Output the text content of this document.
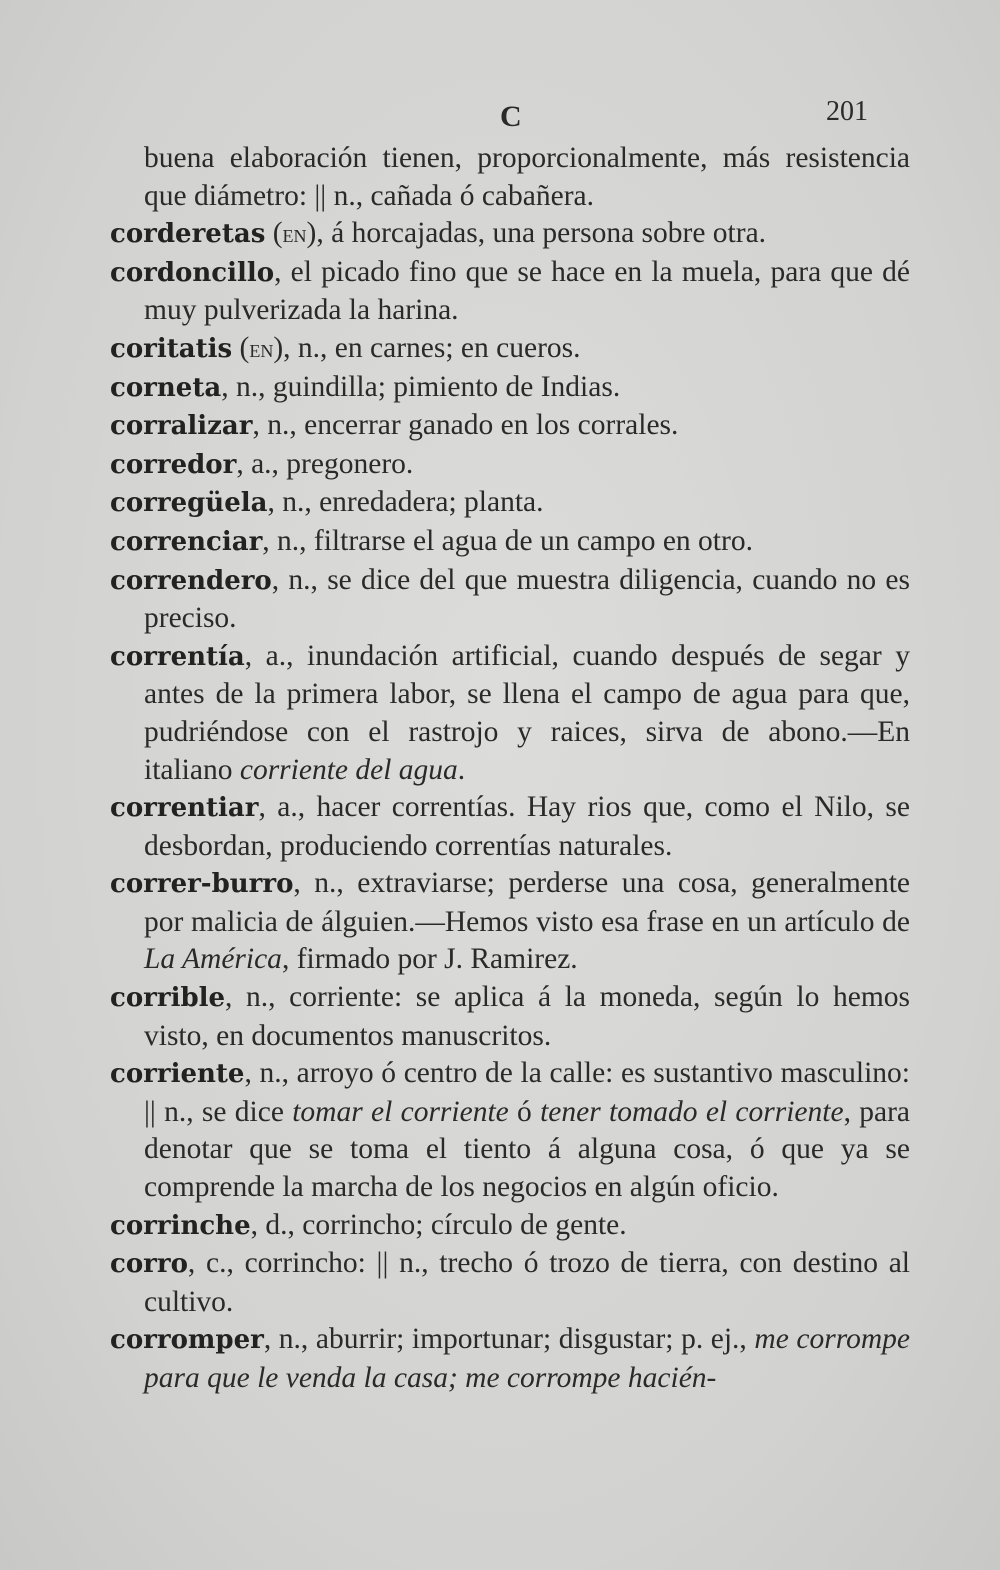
C	201

buena elaboración tienen, proporcionalmente, más resistencia que diámetro: || n., cañada ó cabañera.

corderetas (en), á horcajadas, una persona sobre otra.

cordoncillo, el picado fino que se hace en la muela, para que dé muy pulverizada la harina.

coritatis (en), n., en carnes; en cueros.

corneta, n., guindilla; pimiento de Indias.

corralizar, n., encerrar ganado en los corrales.

corredor, a., pregonero.

corregüela, n., enredadera; planta.

correnciar, n., filtrarse el agua de un campo en otro.

correndero, n., se dice del que muestra diligencia, cuando no es preciso.

correntía, a., inundación artificial, cuando después de segar y antes de la primera labor, se llena el campo de agua para que, pudriéndose con el rastrojo y raices, sirva de abono.—En italiano corriente del agua.

correntiar, a., hacer correntías. Hay rios que, como el Nilo, se desbordan, produciendo correntías naturales.

correr-burro, n., extraviarse; perderse una cosa, generalmente por malicia de álguien.—Hemos visto esa frase en un artículo de La América, firmado por J. Ramirez.

corrible, n., corriente: se aplica á la moneda, según lo hemos visto, en documentos manuscritos.

corriente, n., arroyo ó centro de la calle: es sustantivo masculino: || n., se dice tomar el corriente ó tener tomado el corriente, para denotar que se toma el tiento á alguna cosa, ó que ya se comprende la marcha de los negocios en algún oficio.

corrinche, d., corrincho; círculo de gente.

corro, c., corrincho: || n., trecho ó trozo de tierra, con destino al cultivo.

corromper, n., aburrir; importunar; disgustar; p. ej., me corrompe para que le venda la casa; me corrompe hacién-
